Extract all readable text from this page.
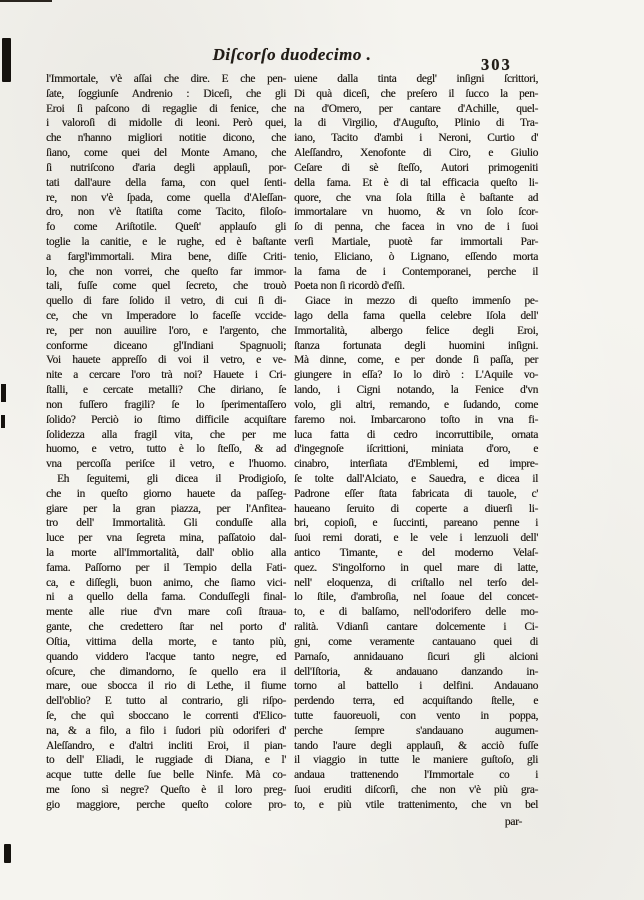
Diſcorſo duodecimo .
303
l'Immortale, v'è aſſai che dire. E che pen-
ſate, ſoggiunſe Andrenio : Diceſi, che gli
Eroi ſi paſcono di regaglie di fenice, che
i valoroſi di midolle di leoni. Però quei,
che n'hanno migliori notitie dicono, che
ſiano, come quei del Monte Amano, che
ſi nutriſcono d'aria degli applauſi, por-
tati dall'aure della fama, con quel ſenti-
re, non v'è ſpada, come quella d'Aleſſan-
dro, non v'è ſtatiſta come Tacito, filoſo-
fo come Ariſtotile. Queſt' applauſo gli
toglie la canitie, e le rughe, ed è baſtante
a fargl'immortali. Mira bene, diſſe Criti-
lo, che non vorrei, che queſto far immor-
tali, fuſſe come quel ſecreto, che trouò
quello di fare ſolido il vetro, di cui ſi di-
ce, che vn Imperadore lo faceſſe vccide-
re, per non auuilire l'oro, e l'argento, che
conforme diceano gl'Indiani Spagnuoli;
Voi hauete appreſſo di voi il vetro, e ve-
nite a cercare l'oro trà noi? Hauete i Cri-
ſtalli, e cercate metalli? Che diriano, ſe
non fuſſero fragili? ſe lo ſperimentaſſero
ſolido? Perciò io ſtimo difficile acquiſtare
ſolidezza alla fragil vita, che per me
huomo, e vetro, tutto è lo ſteſſo, & ad
vna percoſſa periſce il vetro, e l'huomo.
Eh ſeguitemi, gli dicea il Prodigioſo,
che in queſto giorno hauete da paſſeg-
giare per la gran piazza, per l'Anfitea-
tro dell' Immortalità. Gli conduſſe alla
luce per vna ſegreta mina, paſſatoio dal-
la morte all'Immortalità, dall' oblio alla
fama. Paſſorno per il Tempio della Fati-
ca, e diſſegli, buon animo, che ſiamo vici-
ni a quello della fama. Conduſſegli final-
mente alle riue d'vn mare coſì ſtraua-
gante, che credettero ſtar nel porto d'
Oſtia, vittima della morte, e tanto più,
quando viddero l'acque tanto negre, ed
oſcure, che dimandorno, ſe quello era il
mare, oue sbocca il rio di Lethe, il fiume
dell'oblio? E tutto al contrario, gli riſpo-
ſe, che quì sboccano le correnti d'Elico-
na, & a filo, a filo i ſudori più odoriferi d'
Aleſſandro, e d'altri incliti Eroi, il pian-
to dell' Eliadi, le ruggiade di Diana, e l'
acque tutte delle ſue belle Ninfe. Mà co-
me ſono sì negre? Queſto è il loro preg-
gio maggiore, perche queſto colore pro-
uiene dalla tinta degl' inſigni ſcrittori,
Di quà diceſi, che preſero il ſucco la pen-
na d'Omero, per cantare d'Achille, quel-
la di Virgilio, d'Auguſto, Plinio di Tra-
iano, Tacito d'ambi i Neroni, Curtio d'
Aleſſandro, Xenofonte di Ciro, e Giulio
Ceſare di sè ſteſſo, Autori primogeniti
della fama. Et è di tal efficacia queſto li-
quore, che vna ſola ſtilla è baſtante ad
immortalare vn huomo, & vn ſolo ſcor-
ſo di penna, che facea in vno de i ſuoi
verſi Martiale, puotè far immortali Par-
tenio, Eliciano, ò Lignano, eſſendo morta
la fama de i Contemporanei, perche il
Poeta non ſi ricordò d'eſſi.
Giace in mezzo di queſto immenſo pe-
lago della fama quella celebre Iſola dell'
Immortalità, albergo felice degli Eroi,
ſtanza fortunata degli huomini inſigni.
Mà dinne, come, e per donde ſi paſſa, per
giungere in eſſa? Io lo dirò : L'Aquile vo-
lando, i Cigni notando, la Fenice d'vn
volo, gli altri, remando, e ſudando, come
faremo noi. Imbarcarono toſto in vna fi-
luca fatta di cedro incorruttibile, ornata
d'ingegnoſe iſcrittioni, miniata d'oro, e
cinabro, interſiata d'Emblemi, ed impre-
ſe tolte dall'Alciato, e Sauedra, e dicea il
Padrone eſſer ſtata fabricata di tauole, c'
haueano ſeruito di coperte a diuerſi li-
bri, copioſi, e ſuccinti, pareano penne i
ſuoi remi dorati, e le vele i lenzuoli dell'
antico Timante, e del moderno Velaſ-
quez. S'ingolforno in quel mare di latte,
nell' eloquenza, di criſtallo nel terſo del-
lo ſtile, d'ambroſia, nel ſoaue del concet-
to, e di balſamo, nell'odorifero delle mo-
ralità. Vdianſi cantare dolcemente i Ci-
gni, come veramente cantauano quei di
Parnaſo, annidauano ſicuri gli alcioni
dell'Iſtoria, & andauano danzando in-
torno al battello i delfini. Andauano
perdendo terra, ed acquiſtando ſtelle, e
tutte fauoreuoli, con vento in poppa,
perche ſempre s'andauano augumen-
tando l'aure degli applauſi, & acciò fuſſe
il viaggio in tutte le maniere guſtoſo, gli
andaua trattenendo l'Immortale co i
ſuoi eruditi diſcorſi, che non v'è più gra-
to, e più vtile trattenimento, che vn bel
par-
